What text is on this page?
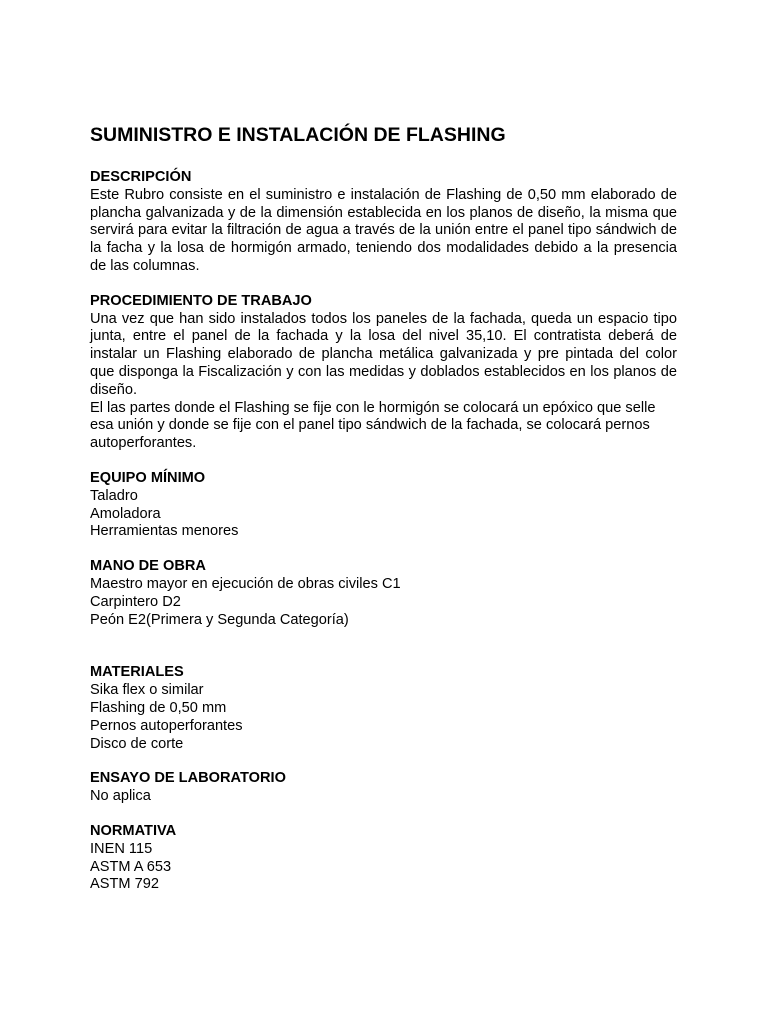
SUMINISTRO E INSTALACIÓN DE FLASHING
DESCRIPCIÓN

Este Rubro consiste en el suministro e instalación de Flashing de 0,50 mm elaborado de plancha galvanizada y de la dimensión establecida en los planos de diseño, la misma que servirá para evitar la filtración de agua a través de la unión entre el panel tipo sándwich de la facha y la losa de hormigón armado, teniendo dos modalidades debido a la presencia de las columnas.

PROCEDIMIENTO DE TRABAJO

Una vez que han sido instalados todos los paneles de la fachada, queda un espacio tipo junta, entre el panel de la fachada y la losa del nivel 35,10. El contratista deberá de instalar un Flashing elaborado de plancha metálica galvanizada y pre pintada del color que disponga la Fiscalización y con las medidas y doblados establecidos en los planos de diseño.

El las partes donde el Flashing se fije con le hormigón se colocará un epóxico que selle esa unión y donde se fije con el panel tipo sándwich de la fachada, se colocará pernos autoperforantes.

EQUIPO MÍNIMO
Taladro
Amoladora
Herramientas menores
MANO DE OBRA
Maestro mayor en ejecución de obras civiles C1
Carpintero D2
Peón E2(Primera y Segunda Categoría)
MATERIALES
Sika flex o similar
Flashing de 0,50 mm
Pernos autoperforantes
Disco de corte
ENSAYO DE LABORATORIO
No aplica
NORMATIVA
INEN 115
ASTM A 653
ASTM 792
